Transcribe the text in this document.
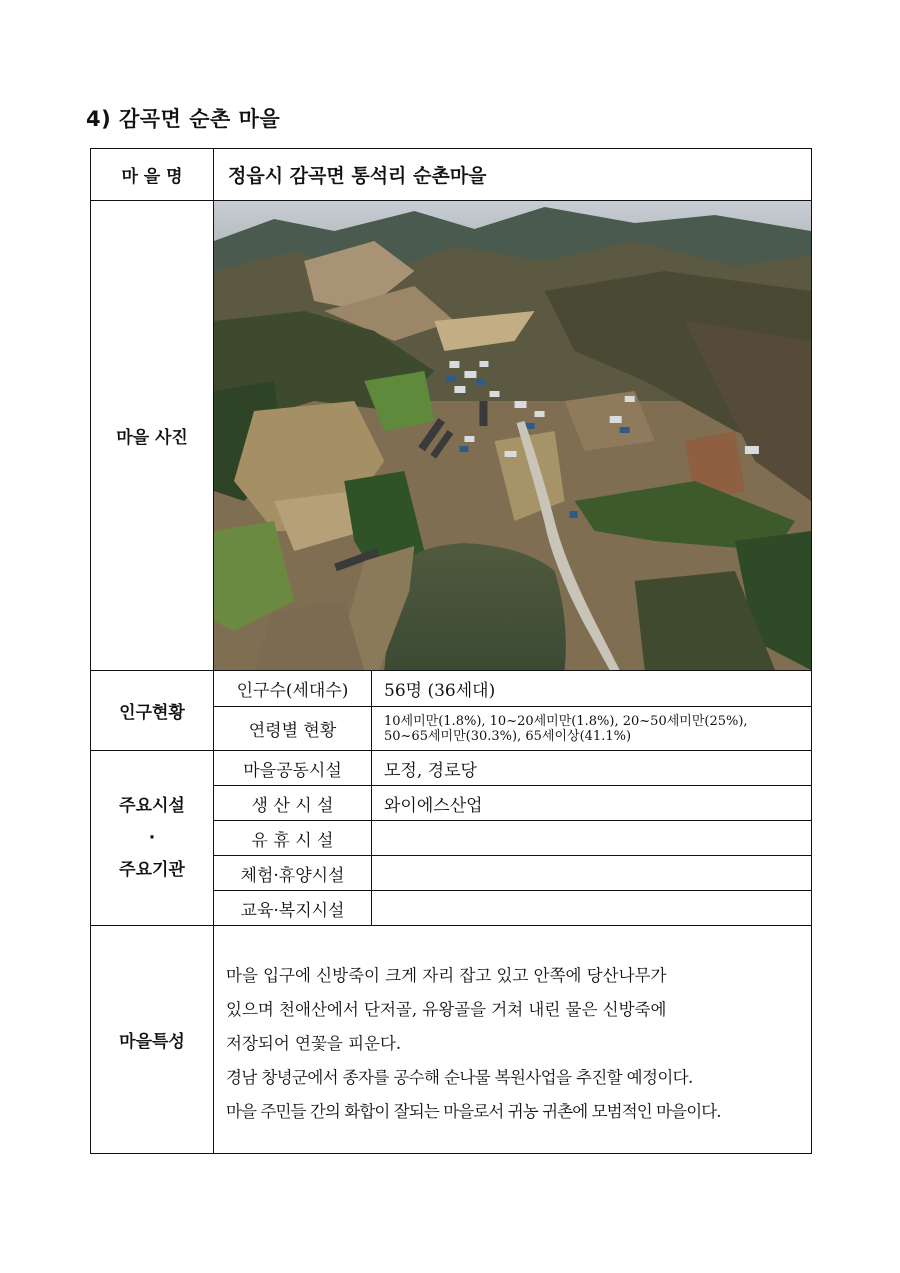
4) 감곡면 순촌 마을
마 을 명	정읍시 감곡면 통석리 순촌마을	
마을 사진	

인구현황	인구수(세대수)	56명 (36세대)
	연령별 현황	10세미만(1.8%), 10~20세미만(1.8%), 20~50세미만(25%),
50~65세미만(30.3%), 65세이상(41.1%)

주요시설
·
주요기관	마을공동시설	모정, 경로당
	생 산 시 설	와이에스산업
	유 휴 시 설	
	체험·휴양시설	
	교육·복지시설	
마을특성	마을 입구에 신방죽이 크게 자리 잡고 있고 안쪽에 당산나무가

있으며 천애산에서 단저골, 유왕골을 거쳐 내린 물은 신방죽에

저장되어 연꽃을 피운다.

경남 창녕군에서 종자를 공수해 순나물 복원사업을 추진할 예정이다.

마을 주민들 간의 화합이 잘되는 마을로서 귀농 귀촌에 모범적인 마을이다.	
